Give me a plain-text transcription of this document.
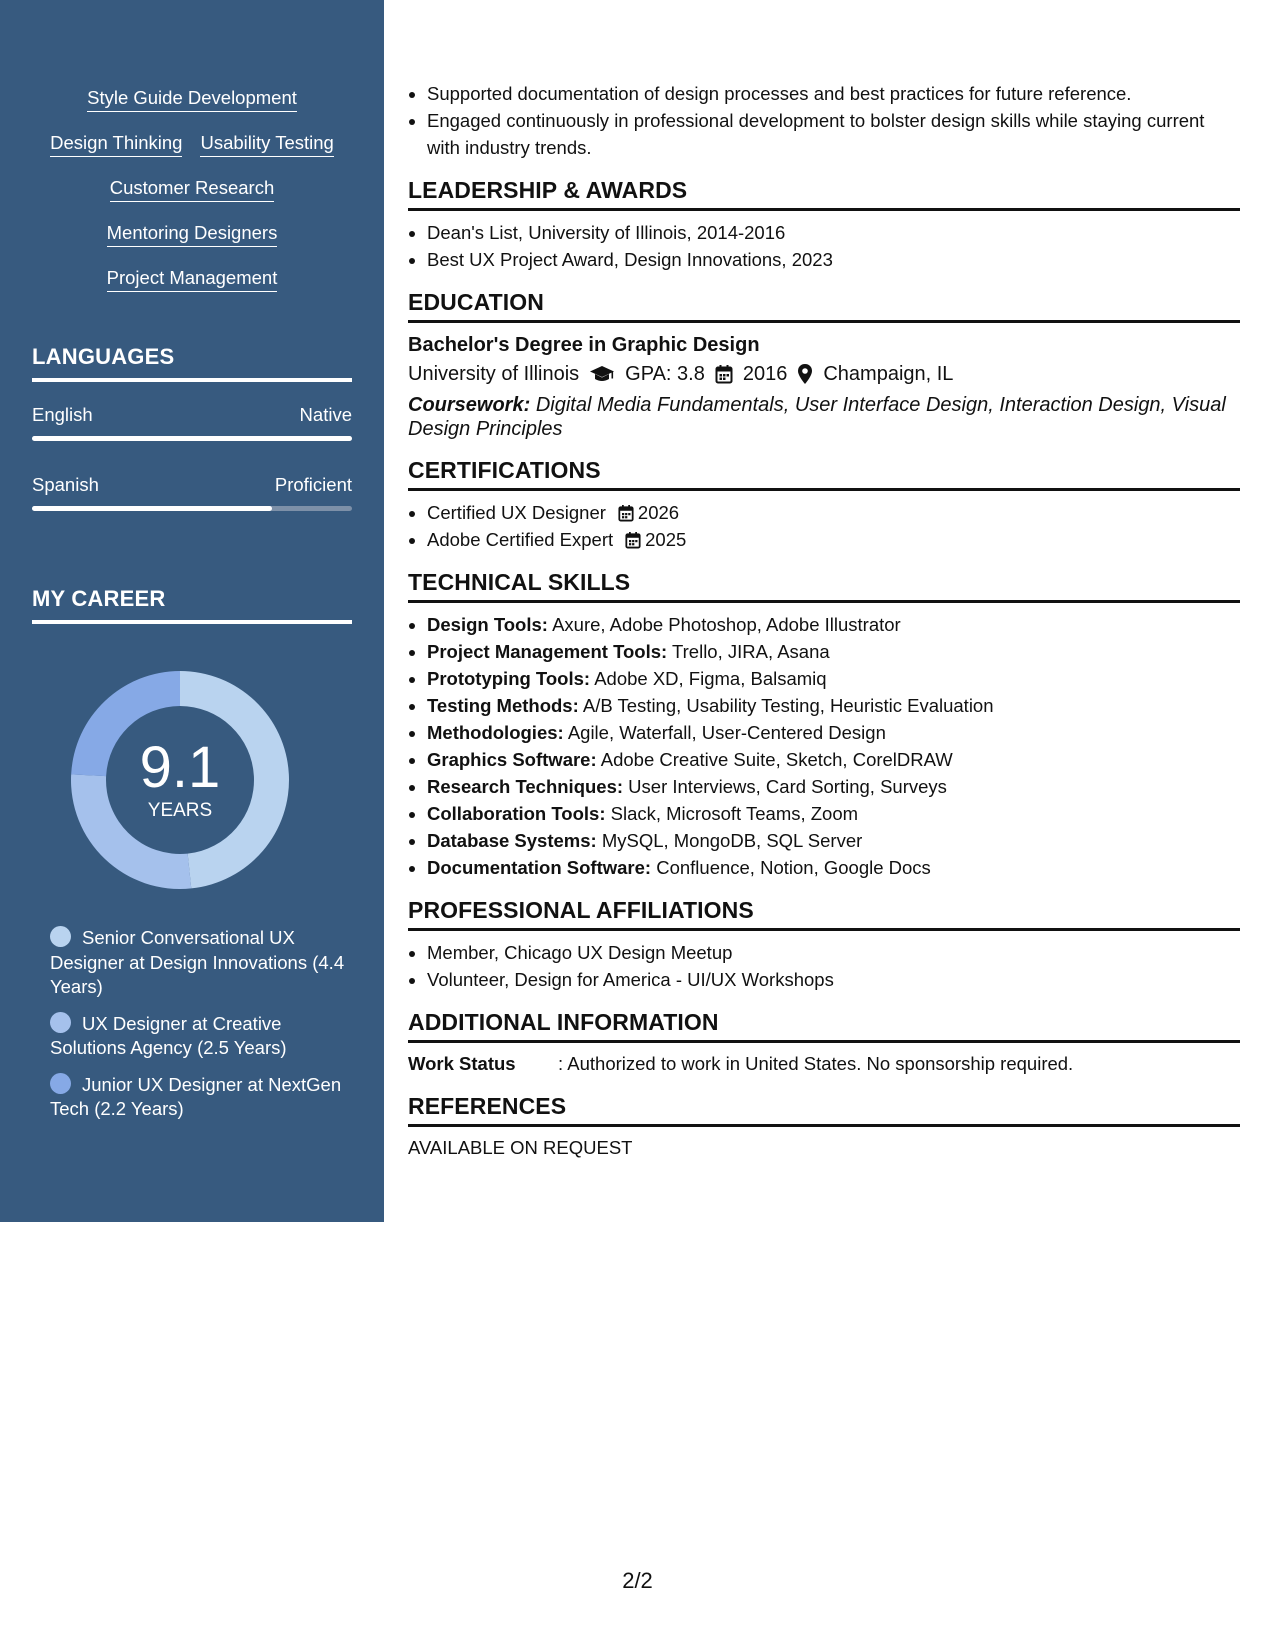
Style Guide Development
Design Thinking Usability Testing
Customer Research
Mentoring Designers
Project Management
LANGUAGES
English	Native
Spanish	Proficient
MY CAREER
9.1
YEARS
Senior Conversational UX Designer at Design Innovations (4.4 Years)
UX Designer at Creative Solutions Agency (2.5 Years)
Junior UX Designer at NextGen Tech (2.2 Years)
• Supported documentation of design processes and best practices for future reference.
• Engaged continuously in professional development to bolster design skills while staying current with industry trends.
LEADERSHIP & AWARDS
• Dean's List, University of Illinois, 2014-2016
• Best UX Project Award, Design Innovations, 2023
EDUCATION
Bachelor's Degree in Graphic Design
University of Illinois GPA: 3.8 2016 Champaign, IL
Coursework: Digital Media Fundamentals, User Interface Design, Interaction Design, Visual Design Principles
CERTIFICATIONS
• Certified UX Designer 2026
• Adobe Certified Expert 2025
TECHNICAL SKILLS
• Design Tools: Axure, Adobe Photoshop, Adobe Illustrator
• Project Management Tools: Trello, JIRA, Asana
• Prototyping Tools: Adobe XD, Figma, Balsamiq
• Testing Methods: A/B Testing, Usability Testing, Heuristic Evaluation
• Methodologies: Agile, Waterfall, User-Centered Design
• Graphics Software: Adobe Creative Suite, Sketch, CorelDRAW
• Research Techniques: User Interviews, Card Sorting, Surveys
• Collaboration Tools: Slack, Microsoft Teams, Zoom
• Database Systems: MySQL, MongoDB, SQL Server
• Documentation Software: Confluence, Notion, Google Docs
PROFESSIONAL AFFILIATIONS
• Member, Chicago UX Design Meetup
• Volunteer, Design for America - UI/UX Workshops
ADDITIONAL INFORMATION
Work Status	: Authorized to work in United States. No sponsorship required.
REFERENCES
AVAILABLE ON REQUEST
2/2
